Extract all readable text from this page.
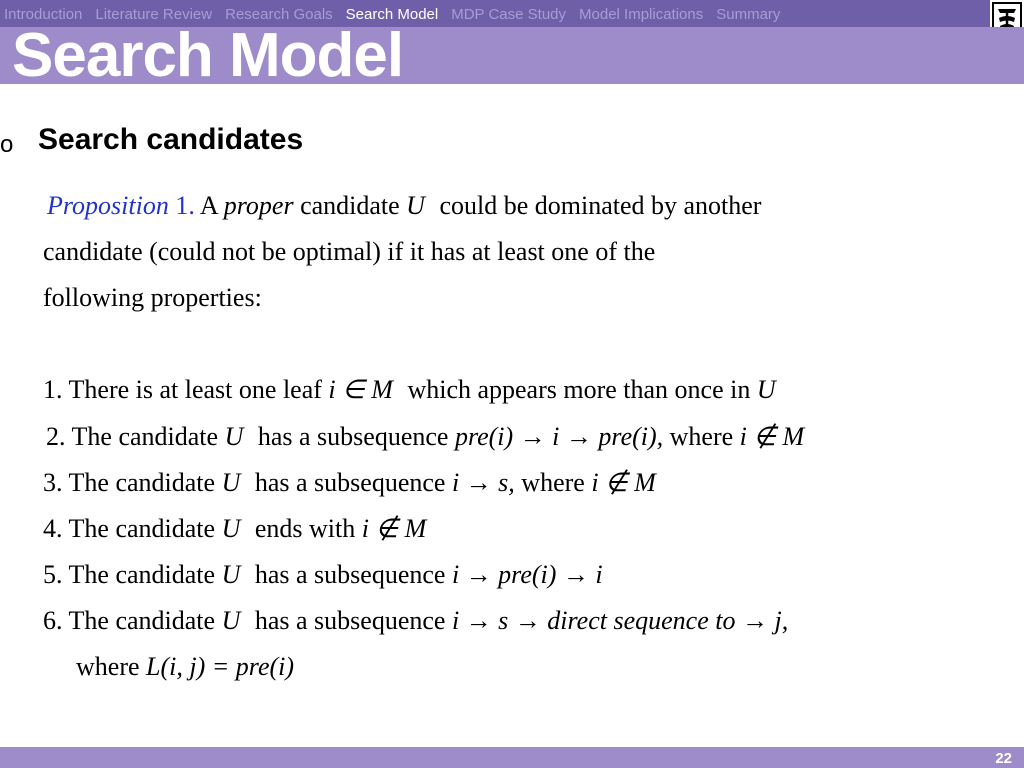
Introduction Literature Review Research Goals Search Model MDP Case Study Model Implications Summary
Search Model
o Search candidates
Proposition 1. A proper candidate U could be dominated by another
candidate (could not be optimal) if it has at least one of the
following properties:
1. There is at least one leaf i ∈ M which appears more than once in U
2. The candidate U has a subsequence pre(i) → i → pre(i), where i ∉ M
3. The candidate U has a subsequence i → s, where i ∉ M
4. The candidate U ends with i ∉ M
5. The candidate U has a subsequence i → pre(i) → i
6. The candidate U has a subsequence i → s → direct sequence to → j,
where L(i, j) = pre(i)
22
